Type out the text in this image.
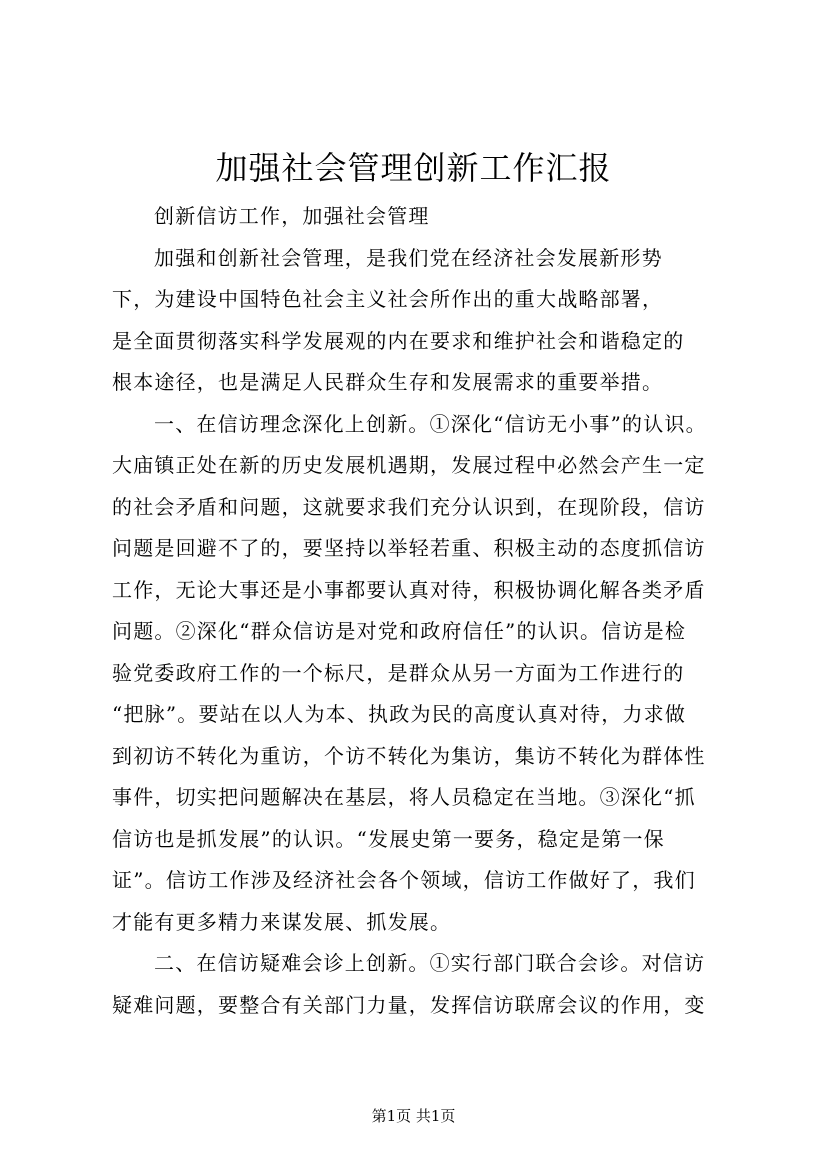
加强社会管理创新工作汇报
创新信访工作，加强社会管理
加强和创新社会管理，是我们党在经济社会发展新形势
下，为建设中国特色社会主义社会所作出的重大战略部署，
是全面贯彻落实科学发展观的内在要求和维护社会和谐稳定的
根本途径，也是满足人民群众生存和发展需求的重要举措。
一、在信访理念深化上创新。①深化“信访无小事”的认识。
大庙镇正处在新的历史发展机遇期，发展过程中必然会产生一定
的社会矛盾和问题，这就要求我们充分认识到，在现阶段，信访
问题是回避不了的，要坚持以举轻若重、积极主动的态度抓信访
工作，无论大事还是小事都要认真对待，积极协调化解各类矛盾
问题。②深化“群众信访是对党和政府信任”的认识。信访是检
验党委政府工作的一个标尺，是群众从另一方面为工作进行的
“把脉”。要站在以人为本、执政为民的高度认真对待，力求做
到初访不转化为重访，个访不转化为集访，集访不转化为群体性
事件，切实把问题解决在基层，将人员稳定在当地。③深化“抓
信访也是抓发展”的认识。“发展史第一要务，稳定是第一保
证”。信访工作涉及经济社会各个领域，信访工作做好了，我们
才能有更多精力来谋发展、抓发展。
二、在信访疑难会诊上创新。①实行部门联合会诊。对信访
疑难问题，要整合有关部门力量，发挥信访联席会议的作用，变
第1页 共1页
